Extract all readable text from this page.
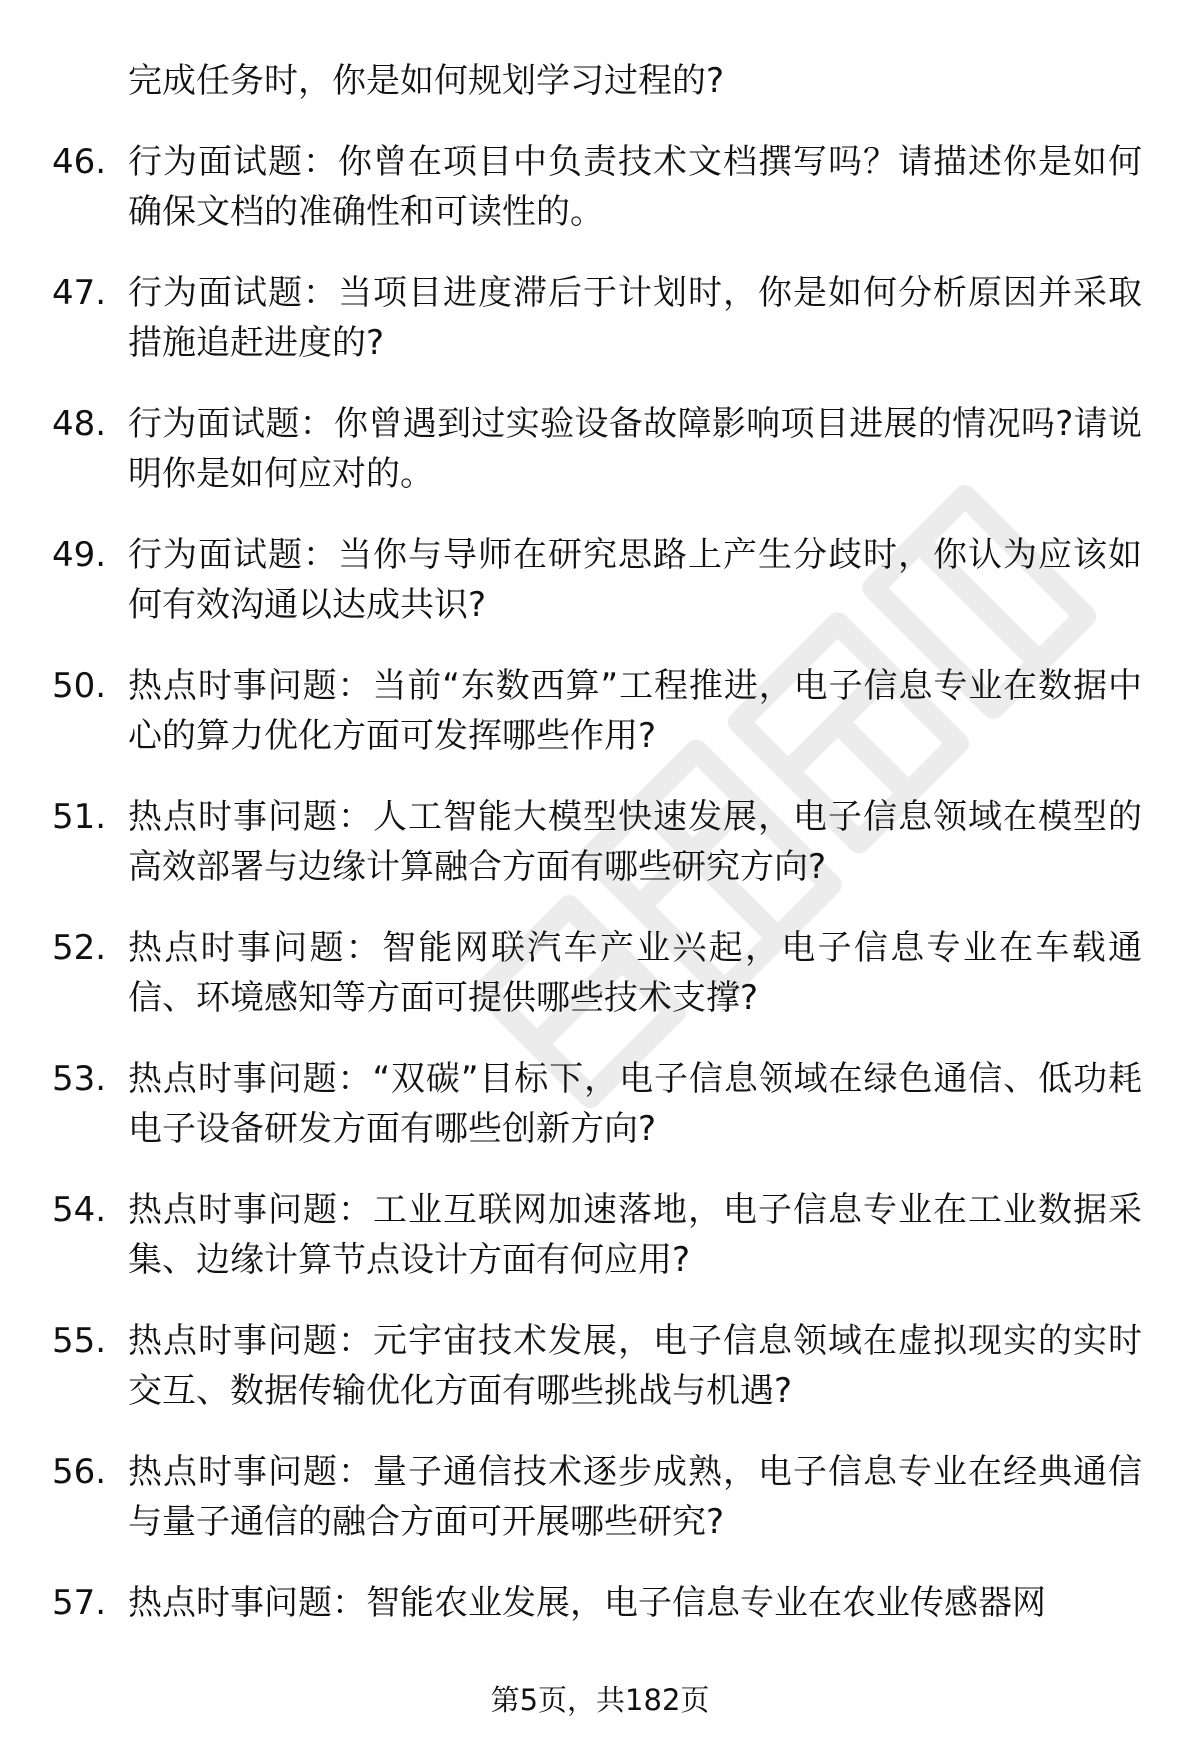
完成任务时，你是如何规划学习过程的?
46. 行为面试题：你曾在项目中负责技术文档撰写吗？请描述你是如何确保文档的准确性和可读性的。
47. 行为面试题：当项目进度滞后于计划时，你是如何分析原因并采取措施追赶进度的?
48. 行为面试题：你曾遇到过实验设备故障影响项目进展的情况吗?请说明你是如何应对的。
49. 行为面试题：当你与导师在研究思路上产生分歧时，你认为应该如何有效沟通以达成共识?
50. 热点时事问题：当前“东数西算”工程推进，电子信息专业在数据中心的算力优化方面可发挥哪些作用?
51. 热点时事问题：人工智能大模型快速发展，电子信息领域在模型的高效部署与边缘计算融合方面有哪些研究方向?
52. 热点时事问题：智能网联汽车产业兴起，电子信息专业在车载通信、环境感知等方面可提供哪些技术支撑?
53. 热点时事问题：“双碳”目标下，电子信息领域在绿色通信、低功耗电子设备研发方面有哪些创新方向?
54. 热点时事问题：工业互联网加速落地，电子信息专业在工业数据采集、边缘计算节点设计方面有何应用?
55. 热点时事问题：元宇宙技术发展，电子信息领域在虚拟现实的实时交互、数据传输优化方面有哪些挑战与机遇?
56. 热点时事问题：量子通信技术逐步成熟，电子信息专业在经典通信与量子通信的融合方面可开展哪些研究?
57. 热点时事问题：智能农业发展，电子信息专业在农业传感器网
第5页，共182页
